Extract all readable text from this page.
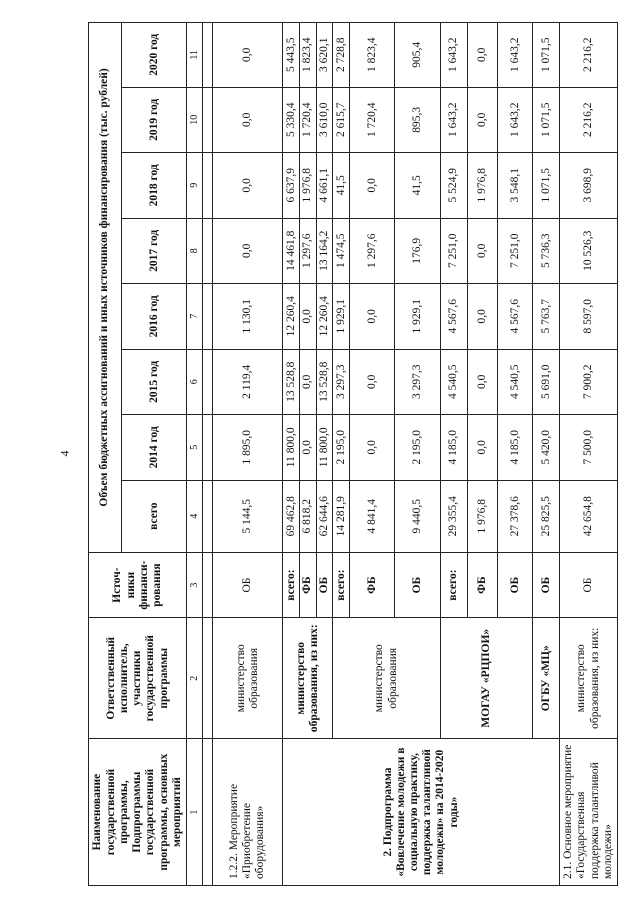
4
Наименование государственной программы, Подпрограммы государственной программы, основных мероприятий	Ответственный исполнитель, участники государственной программы	Источ-ники финанси-рования	Объем бюджетных ассигнований и иных источников финансирования (тыс. рублей)							
			всего	2014 год	2015 год	2016 год	2017 год	2018 год	2019 год	2020 год
1	2	3	4	5	6	7	8	9	10	11

1.2.2. Мероприятие «Приобретение оборудования»	министерство образования	ОБ	5 144,5	1 895,0	2 119,4	1 130,1	0,0	0,0	0,0	0,0
2. Подпрограмма «Вовлечение молодежи в социальную практику, поддержка талантливой молодежи» на 2014-2020 годы»	министерство образования, из них:	всего:	69 462,8	11 800,0	13 528,8	12 260,4	14 461,8	6 637,9	5 330,4	5 443,5
		ФБ	6 818,2	0,0	0,0	0,0	1 297,6	1 976,8	1 720,4	1 823,4
		ОБ	62 644,6	11 800,0	13 528,8	12 260,4	13 164,2	4 661,1	3 610,0	3 620,1
	министерство образования	всего:	14 281,9	2 195,0	3 297,3	1 929,1	1 474,5	41,5	2 615,7	2 728,8
		ФБ	4 841,4	0,0	0,0	0,0	1 297,6	0,0	1 720,4	1 823,4
		ОБ	9 440,5	2 195,0	3 297,3	1 929,1	176,9	41,5	895,3	905,4
	МОГАУ «РЦПОИ»	всего:	29 355,4	4 185,0	4 540,5	4 567,6	7 251,0	5 524,9	1 643,2	1 643,2
		ФБ	1 976,8	0,0	0,0	0,0	0,0	1 976,8	0,0	0,0
		ОБ	27 378,6	4 185,0	4 540,5	4 567,6	7 251,0	3 548,1	1 643,2	1 643,2
	ОГБУ «МЦ»	ОБ	25 825,5	5 420,0	5 691,0	5 763,7	5 736,3	1 071,5	1 071,5	1 071,5
2.1. Основное мероприятие «Государственная поддержка талантливой молодежи»	министерство образования, из них:	ОБ	42 654,8	7 500,0	7 900,2	8 597,0	10 526,3	3 698,9	2 216,2	2 216,2
